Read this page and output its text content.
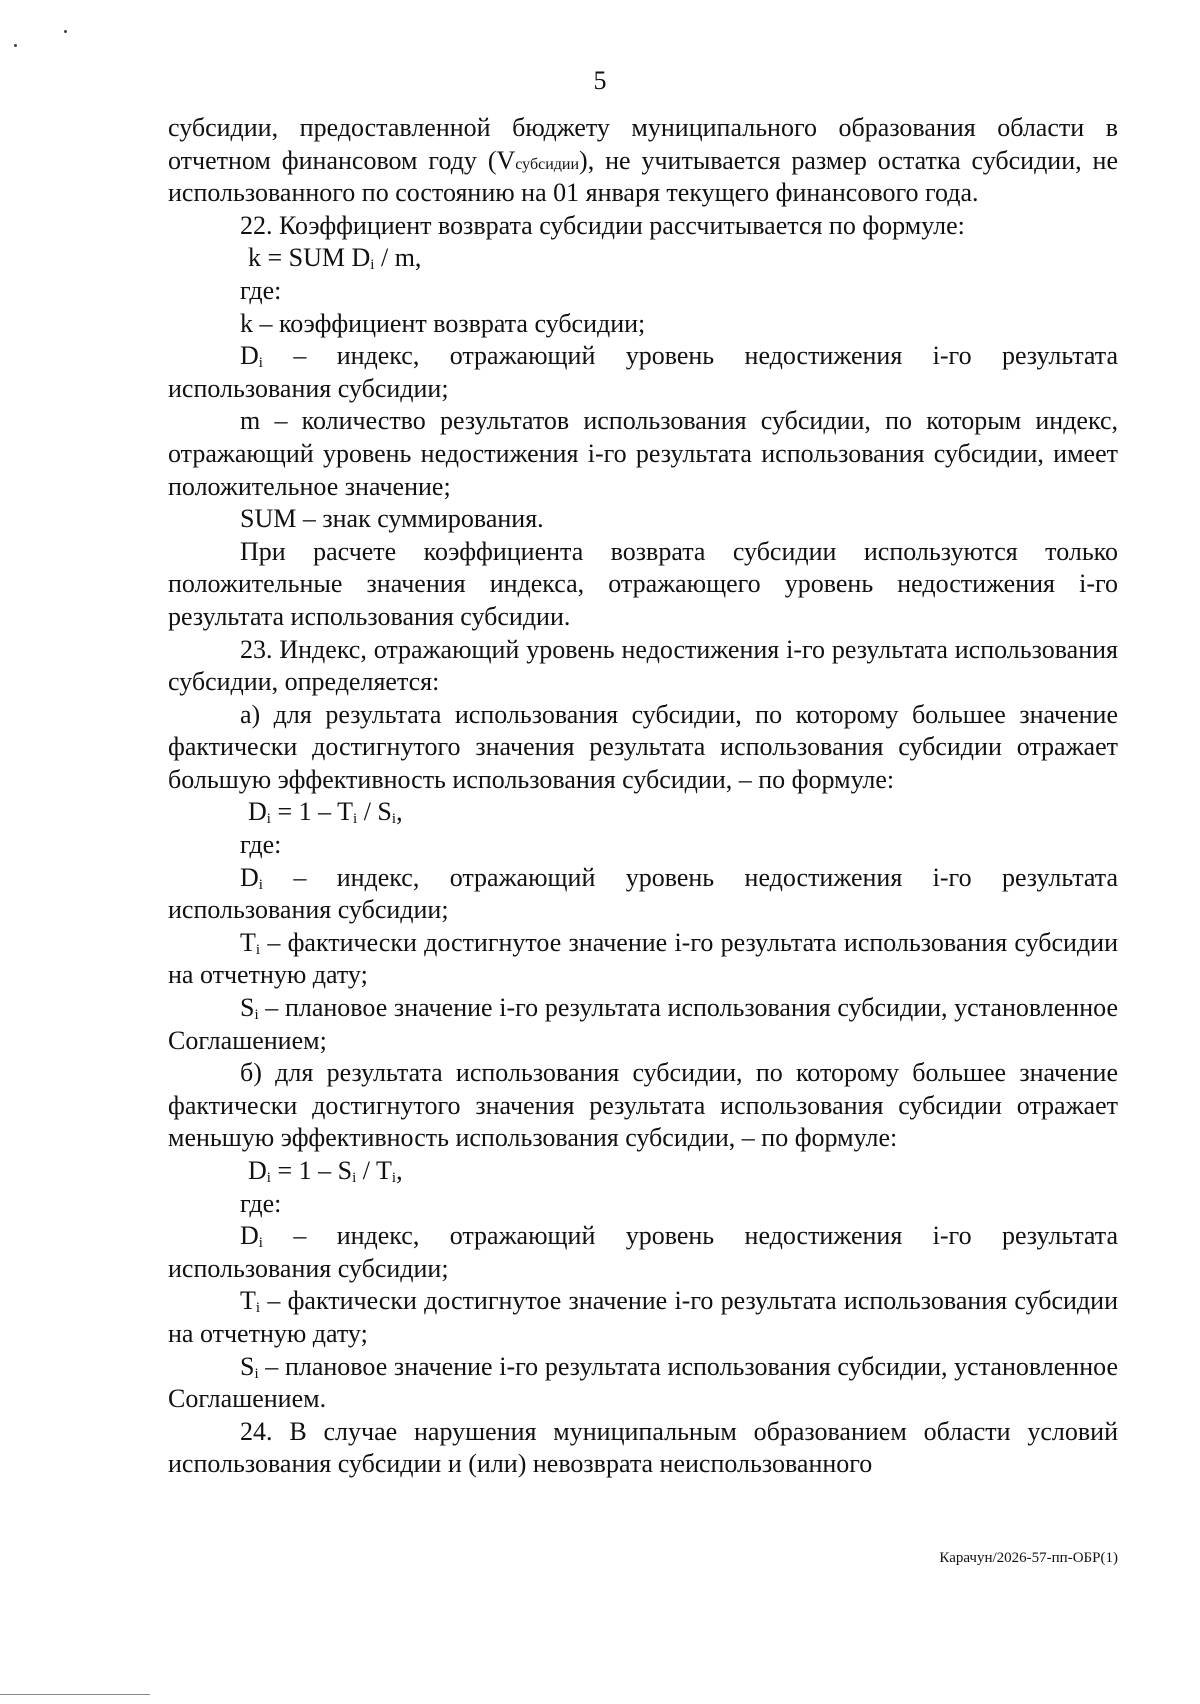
5

субсидии, предоставленной бюджету муниципального образования области в отчетном финансовом году (Vсубсидии), не учитывается размер остатка субсидии, не использованного по состоянию на 01 января текущего финансового года.

22. Коэффициент возврата субсидии рассчитывается по формуле:

k = SUM $D_i$ / m,

где:

k – коэффициент возврата субсидии;

$D_i$ – индекс, отражающий уровень недостижения i-го результата использования субсидии;

m – количество результатов использования субсидии, по которым индекс, отражающий уровень недостижения i-го результата использования субсидии, имеет положительное значение;

SUM – знак суммирования.

При расчете коэффициента возврата субсидии используются только положительные значения индекса, отражающего уровень недостижения i-го результата использования субсидии.

23. Индекс, отражающий уровень недостижения i-го результата использования субсидии, определяется:

а) для результата использования субсидии, по которому большее значение фактически достигнутого значения результата использования субсидии отражает большую эффективность использования субсидии, – по формуле:

$D_i = 1 - T_i / S_i$,

где:

$D_i$ – индекс, отражающий уровень недостижения i-го результата использования субсидии;

$T_i$ – фактически достигнутое значение i-го результата использования субсидии на отчетную дату;

$S_i$ – плановое значение i-го результата использования субсидии, установленное Соглашением;

б) для результата использования субсидии, по которому большее значение фактически достигнутого значения результата использования субсидии отражает меньшую эффективность использования субсидии, – по формуле:

$D_i = 1 - S_i / T_i$,

где:

$D_i$ – индекс, отражающий уровень недостижения i-го результата использования субсидии;

$T_i$ – фактически достигнутое значение i-го результата использования субсидии на отчетную дату;

$S_i$ – плановое значение i-го результата использования субсидии, установленное Соглашением.

24. В случае нарушения муниципальным образованием области условий использования субсидии и (или) невозврата неиспользованного

Карачун/2026-57-пп-ОБР(1)
